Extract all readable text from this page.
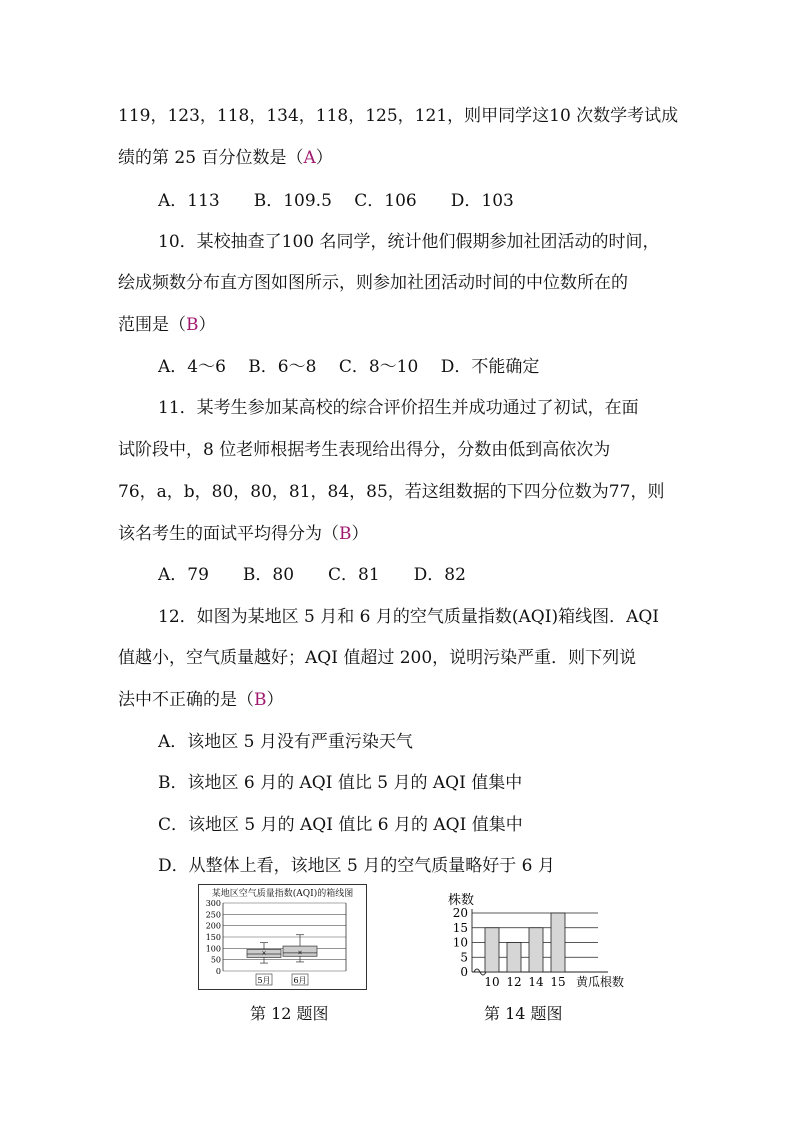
119，123，118，134，118，125，121，则甲同学这10 次数学考试成
绩的第 25 百分位数是（A）
A．113　　B．109.5　 C．106　　D．103
10．某校抽查了100 名同学，统计他们假期参加社团活动的时间，
绘成频数分布直方图如图所示，则参加社团活动时间的中位数所在的
范围是（B）
A．4～6　 B．6～8　 C．8～10　 D．不能确定
11．某考生参加某高校的综合评价招生并成功通过了初试，在面
试阶段中，8 位老师根据考生表现给出得分，分数由低到高依次为
76，a，b，80，80，81，84，85，若这组数据的下四分位数为77，则
该名考生的面试平均得分为（B）
A．79　　B．80　　C．81　　D．82
12．如图为某地区 5 月和 6 月的空气质量指数(AQI)箱线图．AQI
值越小，空气质量越好；AQI 值超过 200，说明污染严重．则下列说
法中不正确的是（B）
A．该地区 5 月没有严重污染天气
B．该地区 6 月的 AQI 值比 5 月的 AQI 值集中
C．该地区 5 月的 AQI 值比 6 月的 AQI 值集中
D．从整体上看，该地区 5 月的空气质量略好于 6 月
某地区空气质量指数(AQI)的箱线图
0
50
100
150
200
250
300
×
5月
×
6月
第 12 题图
株数
0
5
10
15
20
10 12 14 15 黄瓜根数
第 14 题图
